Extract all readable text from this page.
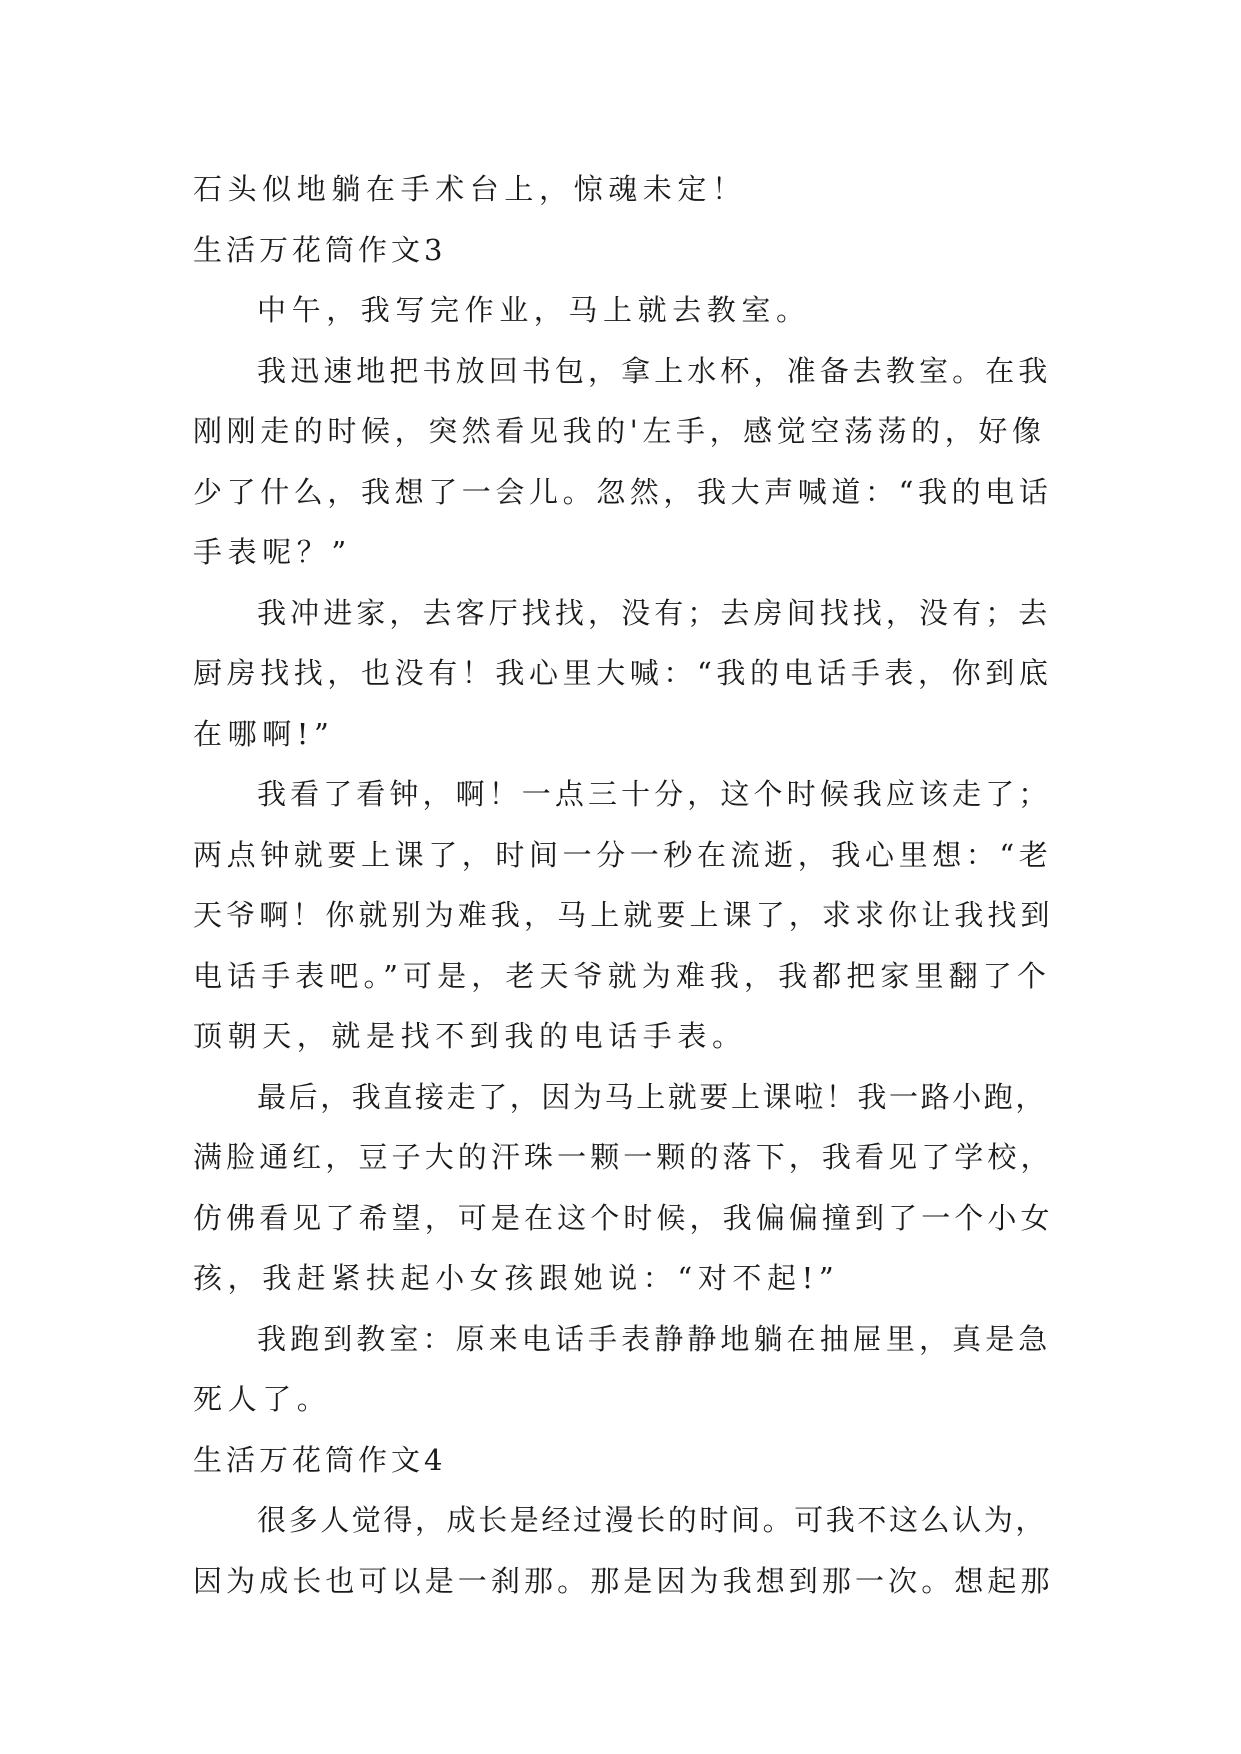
石头似地躺在手术台上，惊魂未定！
生活万花筒作文3
中午，我写完作业，马上就去教室。
我迅速地把书放回书包，拿上水杯，准备去教室。在我
刚刚走的时候，突然看见我的'左手，感觉空荡荡的，好像
少了什么，我想了一会儿。忽然，我大声喊道：“我的电话
手表呢？”
我冲进家，去客厅找找，没有；去房间找找，没有；去
厨房找找，也没有！我心里大喊：“我的电话手表，你到底
在哪啊!”
我看了看钟，啊！一点三十分，这个时候我应该走了；
两点钟就要上课了，时间一分一秒在流逝，我心里想：“老
天爷啊！你就别为难我，马上就要上课了，求求你让我找到
电话手表吧。”可是，老天爷就为难我，我都把家里翻了个
顶朝天，就是找不到我的电话手表。
最后，我直接走了，因为马上就要上课啦！我一路小跑，
满脸通红，豆子大的汗珠一颗一颗的落下，我看见了学校，
仿佛看见了希望，可是在这个时候，我偏偏撞到了一个小女
孩，我赶紧扶起小女孩跟她说：“对不起!”
我跑到教室：原来电话手表静静地躺在抽屉里，真是急
死人了。
生活万花筒作文4
很多人觉得，成长是经过漫长的时间。可我不这么认为，
因为成长也可以是一刹那。那是因为我想到那一次。想起那
